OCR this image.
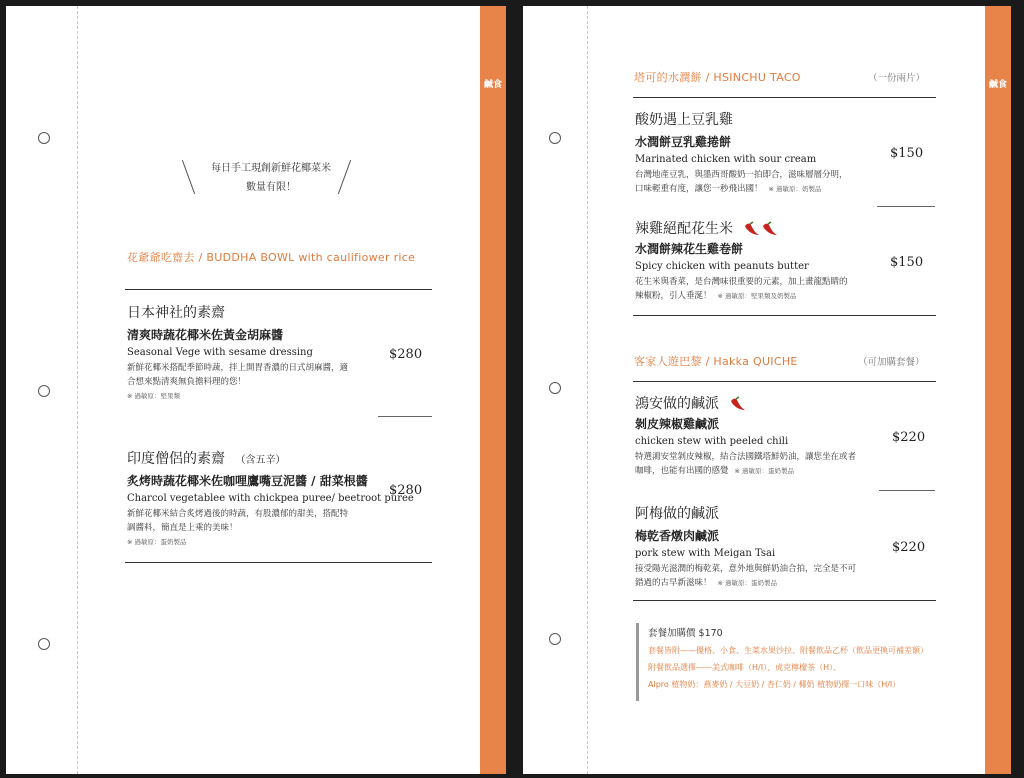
鹹食
每日手工現創新鮮花椰菜米
數量有限！
花爺爺吃齋去 / BUDDHA BOWL with caulifiower rice
日本神社的素齋
清爽時蔬花椰米佐黃金胡麻醬
Seasonal Vege with sesame dressing
新鮮花椰米搭配季節時蔬，拌上開胃香濃的日式胡麻醬，適
合想來點清爽無負擔料理的您！
※ 過敏原：堅果類
$280
印度僧侶的素齋 （含五辛）
炙烤時蔬花椰米佐咖哩鷹嘴豆泥醬 / 甜菜根醬
Charcol vegetablee with chickpea puree/ beetroot puree
新鮮花椰米結合炙烤過後的時蔬，有股濃郁的甜美，搭配特
調醬料，簡直是上乘的美味！
※ 過敏原：蛋奶製品
$280
鹹食
塔可的水潤餅 / HSINCHU TACO	（一份兩片）
酸奶遇上豆乳雞
水潤餅豆乳雞捲餅
Marinated chicken with sour cream
台灣地產豆乳，與墨西哥酸奶一拍即合，滋味層層分明，
口味輕重有度，讓您一秒飛出國！ ※ 過敏原：奶製品
$150
辣雞絕配花生米
水潤餅辣花生雞卷餅
Spicy chicken with peanuts butter
花生米與香菜，是台灣味很重要的元素，加上畫龍點睛的
辣椒粉，引人垂涎！ ※ 過敏原：堅果類及奶製品
$150
客家人遊巴黎 / Hakka QUICHE	（可加購套餐）
鴻安做的鹹派
剝皮辣椒雞鹹派
chicken stew with peeled chili
特選鴻安堂剝皮辣椒，結合法國鐵塔鮮奶油，讓您坐在或者
咖啡，也能有出國的感覺 ※ 過敏原：蛋奶製品
$220
阿梅做的鹹派
梅乾香燉肉鹹派
pork stew with Meigan Tsai
接受陽光滋潤的梅乾菜，意外地與鮮奶油合拍，完全是不可
錯過的古早新滋味！ ※ 過敏原：蛋奶製品
$220
套餐加購價 $170
套餐皆附——優格、小食、生菜水果沙拉、附餐飲品乙杯（飲品更換可補差額）
附餐飲品選擇——美式咖啡（H/I）、虎克檸檬茶（H）、
Alpro 植物奶：燕麥奶 / 大豆奶 / 杏仁奶 / 椰奶 植物奶擇一口味（H/I）
